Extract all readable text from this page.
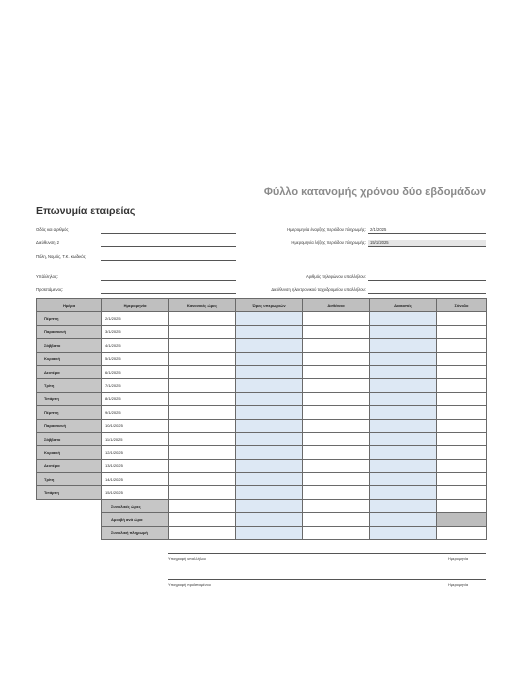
Φύλλο κατανομής χρόνου δύο εβδομάδων
Επωνυμία εταιρείας
Οδός και αριθμός
Διεύθυνση 2
Πόλη, Νομός, Τ.Κ. κωδικός
Ημερομηνία έναρξης περιόδου πληρωμής: 2/1/2025
Ημερομηνία λήξης περιόδου πληρωμής: 15/1/2025
Υπάλληλος:
Προϊστάμενος:
Αριθμός τηλεφώνου υπαλλήλου:
Διεύθυνση ηλεκτρονικού ταχυδρομείου υπαλλήλου:
Ημέρα	Ημερομηνία	Κανονικές ώρες	Ώρες υπερωριών	Ασθένεια	Διακοπές	Σύνολο
Πέμπτη	2/1/2025					
Παρασκευή	3/1/2025					
Σάββατο	4/1/2025					
Κυριακή	5/1/2025					
Δευτέρα	6/1/2025					
Τρίτη	7/1/2025					
Τετάρτη	8/1/2025					
Πέμπτη	9/1/2025					
Παρασκευή	10/1/2025					
Σάββατο	11/1/2025					
Κυριακή	12/1/2025					
Δευτέρα	13/1/2025					
Τρίτη	14/1/2025					
Τετάρτη	15/1/2025					
	Συνολικές ώρες					
	Αμοιβή ανά ώρα					
	Συνολική πληρωμή					
Υπογραφή υπαλλήλου	Ημερομηνία
Υπογραφή προϊσταμένου	Ημερομηνία
